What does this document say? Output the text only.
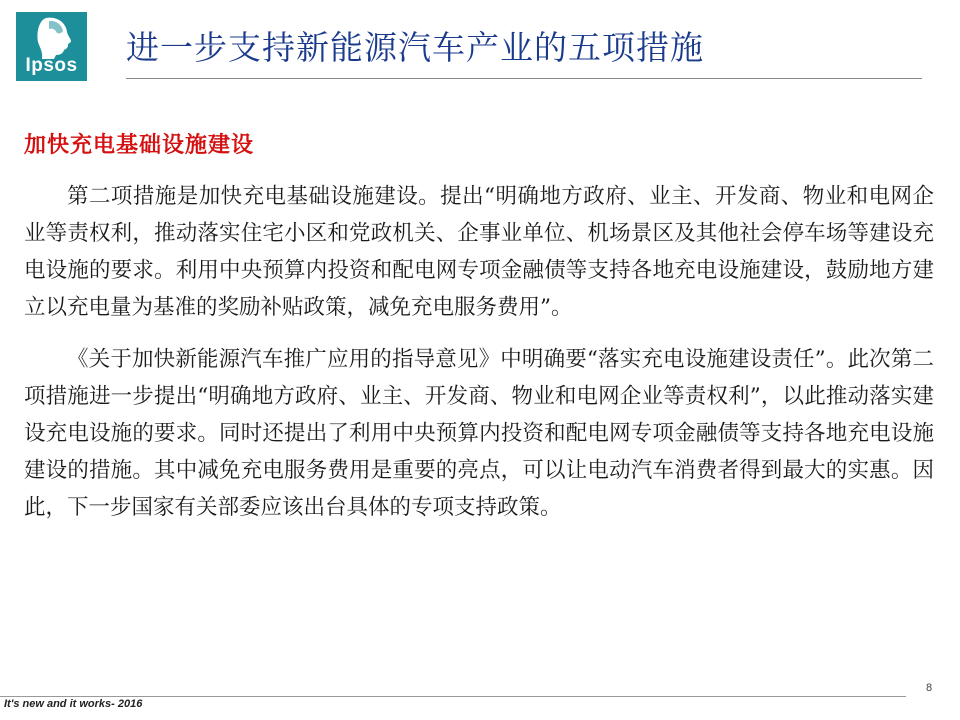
Ipsos 进一步支持新能源汽车产业的五项措施
加快充电基础设施建设

第二项措施是加快充电基础设施建设。提出“明确地方政府、业主、开发商、物业和电网企业等责权利，推动落实住宅小区和党政机关、企事业单位、机场景区及其他社会停车场等建设充电设施的要求。利用中央预算内投资和配电网专项金融债等支持各地充电设施建设，鼓励地方建立以充电量为基准的奖励补贴政策，减免充电服务费用”。

《关于加快新能源汽车推广应用的指导意见》中明确要“落实充电设施建设责任”。此次第二项措施进一步提出“明确地方政府、业主、开发商、物业和电网企业等责权利”，以此推动落实建设充电设施的要求。同时还提出了利用中央预算内投资和配电网专项金融债等支持各地充电设施建设的措施。其中减免充电服务费用是重要的亮点，可以让电动汽车消费者得到最大的实惠。因此，下一步国家有关部委应该出台具体的专项支持政策。

8
It's new and it works- 2016
